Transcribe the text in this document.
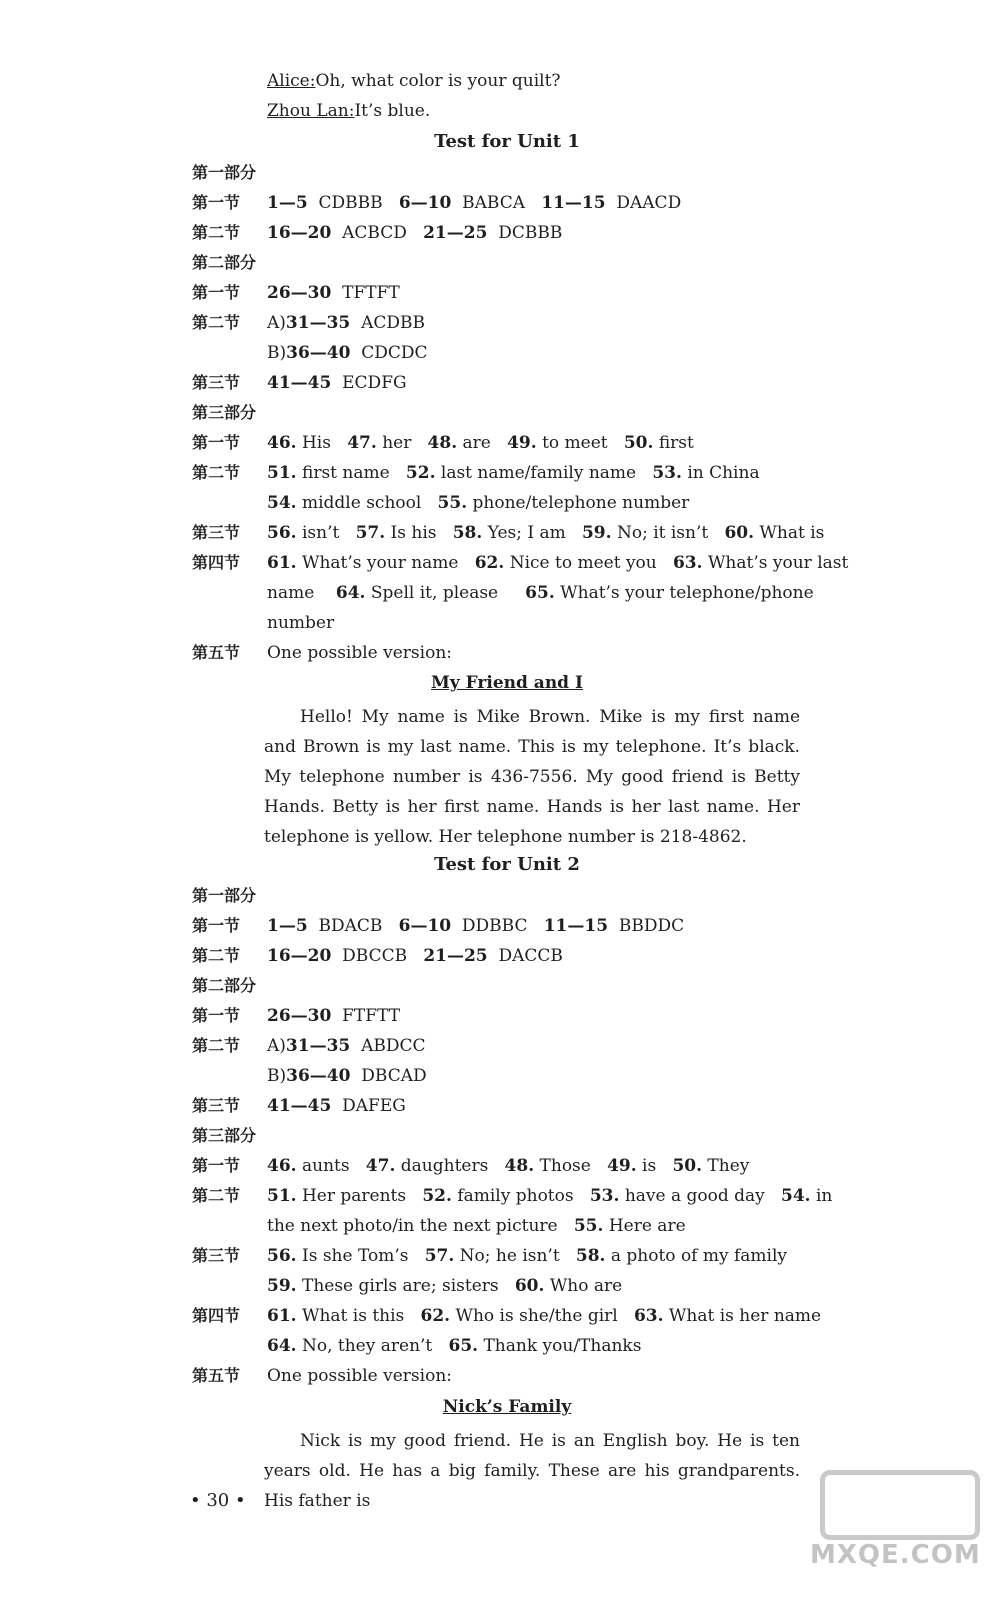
Alice:Oh, what color is your quilt?
Zhou Lan:It’s blue.
Test for Unit 1
第一部分
第一节 1—5 CDBBB 6—10 BABCA 11—15 DAACD
第二节 16—20 ACBCD 21—25 DCBBB
第二部分
第一节 26—30 TFTFT
第二节 A)31—35 ACDBB
B)36—40 CDCDC
第三节 41—45 ECDFG
第三部分
第一节 46. His 47. her 48. are 49. to meet 50. first
第二节 51. first name 52. last name/family name 53. in China
54. middle school 55. phone/telephone number
第三节 56. isn’t 57. Is his 58. Yes; I am 59. No; it isn’t 60. What is
第四节 61. What’s your name 62. Nice to meet you 63. What’s your last
name 64. Spell it, please 65. What’s your telephone/phone
number
第五节 One possible version:
My Friend and I
Hello! My name is Mike Brown. Mike is my first name and Brown is my last name. This is my telephone. It’s black. My telephone number is 436-7556. My good friend is Betty Hands. Betty is her first name. Hands is her last name. Her telephone is yellow. Her telephone number is 218-4862.
Test for Unit 2
第一部分
第一节 1—5 BDACB 6—10 DDBBC 11—15 BBDDC
第二节 16—20 DBCCB 21—25 DACCB
第二部分
第一节 26—30 FTFTT
第二节 A)31—35 ABDCC
B)36—40 DBCAD
第三节 41—45 DAFEG
第三部分
第一节 46. aunts 47. daughters 48. Those 49. is 50. They
第二节 51. Her parents 52. family photos 53. have a good day 54. in
the next photo/in the next picture 55. Here are
第三节 56. Is she Tom’s 57. No; he isn’t 58. a photo of my family
59. These girls are; sisters 60. Who are
第四节 61. What is this 62. Who is she/the girl 63. What is her name
64. No, they aren’t 65. Thank you/Thanks
第五节 One possible version:
Nick’s Family
Nick is my good friend. He is an English boy. He is ten years old. He has a big family. These are his grandparents. His father is
• 30 •
MXQE.COM
